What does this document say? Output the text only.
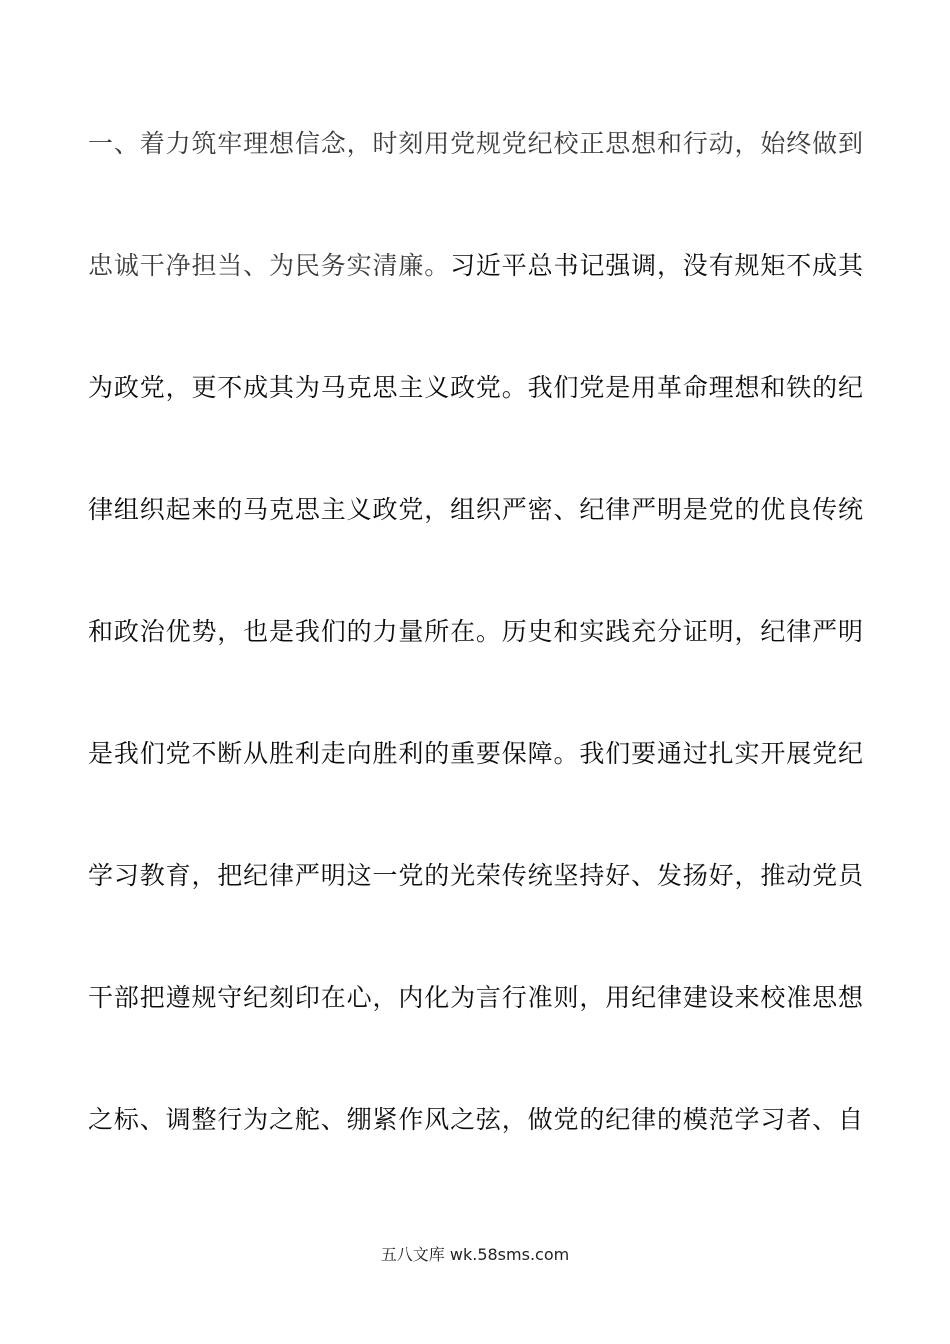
一、着力筑牢理想信念，时刻用党规党纪校正思想和行动，始终做到
忠诚干净担当、为民务实清廉。习近平总书记强调，没有规矩不成其
为政党，更不成其为马克思主义政党。我们党是用革命理想和铁的纪
律组织起来的马克思主义政党，组织严密、纪律严明是党的优良传统
和政治优势，也是我们的力量所在。历史和实践充分证明，纪律严明
是我们党不断从胜利走向胜利的重要保障。我们要通过扎实开展党纪
学习教育，把纪律严明这一党的光荣传统坚持好、发扬好，推动党员
干部把遵规守纪刻印在心，内化为言行准则，用纪律建设来校准思想
之标、调整行为之舵、绷紧作风之弦，做党的纪律的模范学习者、自
五八文库 wk.58sms.com
